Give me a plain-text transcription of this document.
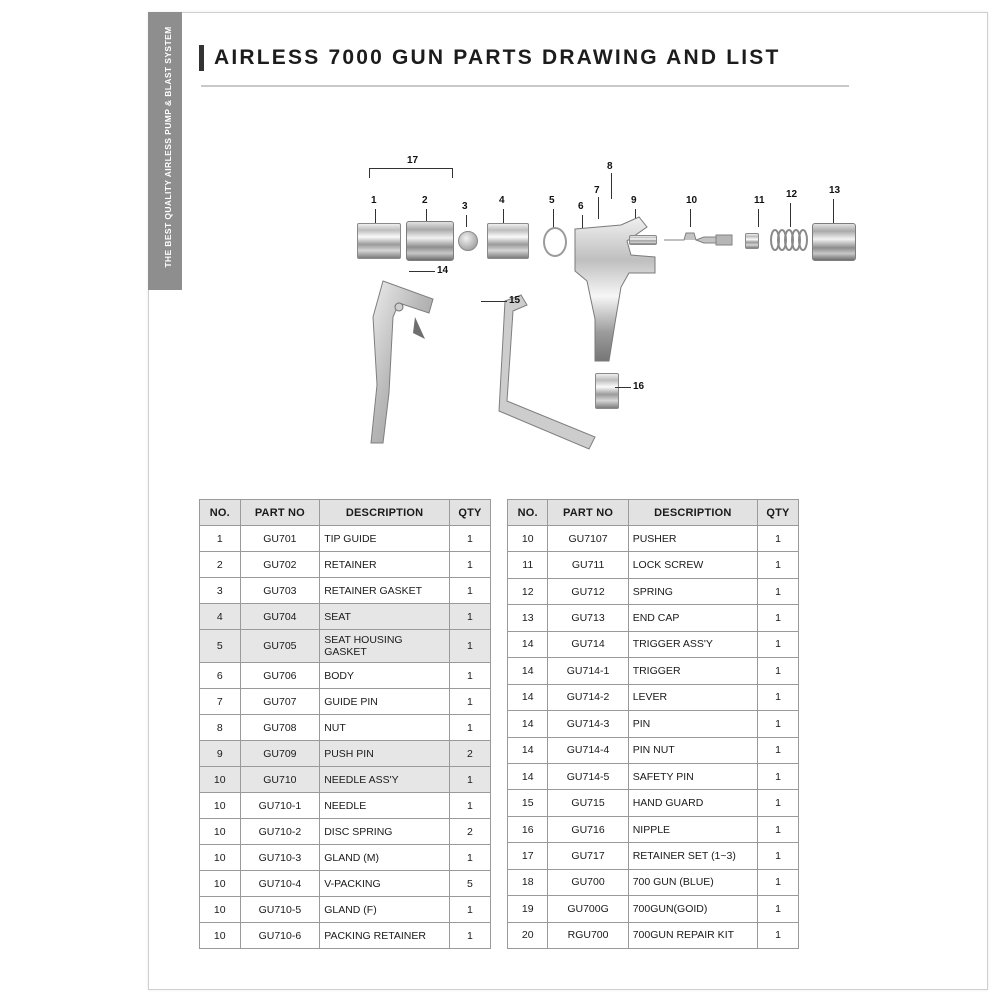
AIRLESS 7000 GUN PARTS DRAWING AND LIST
17
1	2
3
4	5
6
7
8
9	10	11
12	13
14
15
16
NO.	PART NO	DESCRIPTION	QTY
1	GU701	TIP GUIDE	1
2	GU702	RETAINER	1
3	GU703	RETAINER GASKET	1
4	GU704	SEAT	1
5	GU705	SEAT HOUSING GASKET	1
6	GU706	BODY	1
7	GU707	GUIDE PIN	1
8	GU708	NUT	1
9	GU709	PUSH PIN	2
10	GU710	NEEDLE ASS'Y	1
10	GU710-1	NEEDLE	1
10	GU710-2	DISC SPRING	2
10	GU710-3	GLAND (M)	1
10	GU710-4	V-PACKING	5
10	GU710-5	GLAND (F)	1
10	GU710-6	PACKING RETAINER	1
NO.	PART NO	DESCRIPTION	QTY
10	GU7107	PUSHER	1
11	GU711	LOCK SCREW	1
12	GU712	SPRING	1
13	GU713	END CAP	1
14	GU714	TRIGGER ASS'Y	1
14	GU714-1	TRIGGER	1
14	GU714-2	LEVER	1
14	GU714-3	PIN	1
14	GU714-4	PIN NUT	1
14	GU714-5	SAFETY PIN	1
15	GU715	HAND GUARD	1
16	GU716	NIPPLE	1
17	GU717	RETAINER SET (1~3)	1
18	GU700	700 GUN (BLUE)	1
19	GU700G	700GUN(GOID)	1
20	RGU700	700GUN REPAIR KIT	1
THE BEST QUALITY AIRLESS PUMP & BLAST SYSTEM
